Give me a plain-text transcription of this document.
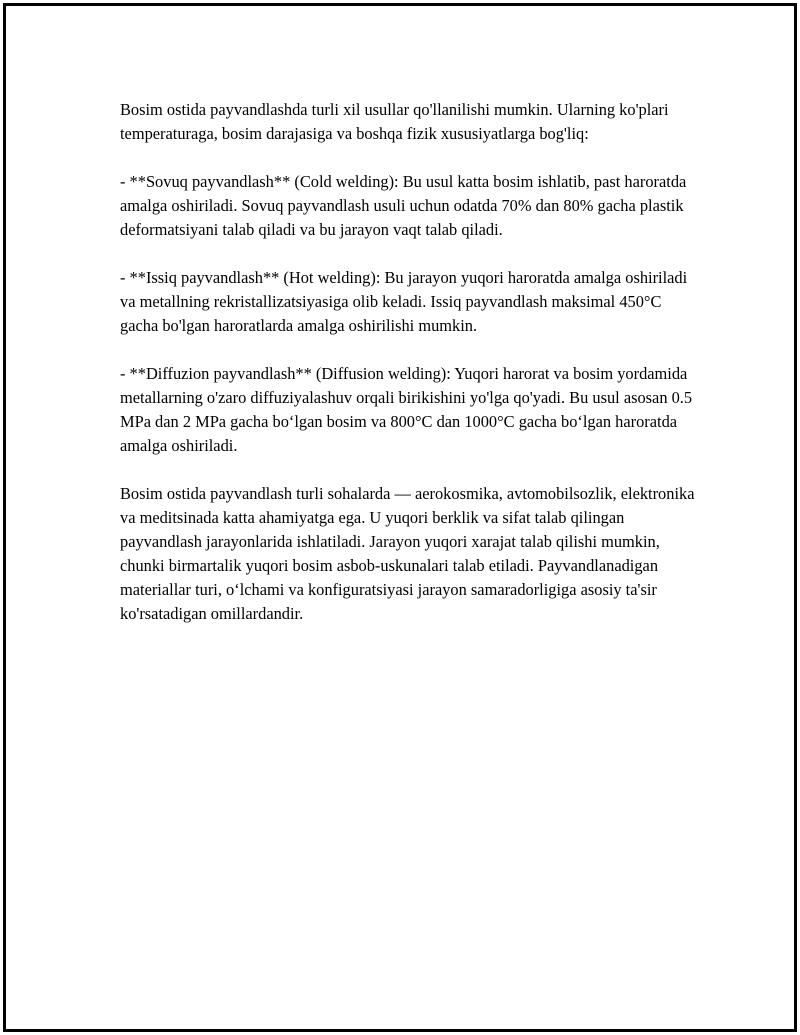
Bosim ostida payvandlashda turli xil usullar qo'llanilishi mumkin. Ularning ko'plari temperaturaga, bosim darajasiga va boshqa fizik xususiyatlarga bog'liq:

- **Sovuq payvandlash** (Cold welding): Bu usul katta bosim ishlatib, past haroratda amalga oshiriladi. Sovuq payvandlash usuli uchun odatda 70% dan 80% gacha plastik deformatsiyani talab qiladi va bu jarayon vaqt talab qiladi.

- **Issiq payvandlash** (Hot welding): Bu jarayon yuqori haroratda amalga oshiriladi va metallning rekristallizatsiyasiga olib keladi. Issiq payvandlash maksimal 450°C gacha bo'lgan haroratlarda amalga oshirilishi mumkin.

- **Diffuzion payvandlash** (Diffusion welding): Yuqori harorat va bosim yordamida metallarning o'zaro diffuziyalashuv orqali birikishini yo'lga qo'yadi. Bu usul asosan 0.5 MPa dan 2 MPa gacha bo‘lgan bosim va 800°C dan 1000°C gacha bo‘lgan haroratda amalga oshiriladi.

Bosim ostida payvandlash turli sohalarda — aerokosmika, avtomobilsozlik, elektronika va meditsinada katta ahamiyatga ega. U yuqori berklik va sifat talab qilingan payvandlash jarayonlarida ishlatiladi. Jarayon yuqori xarajat talab qilishi mumkin, chunki birmartalik yuqori bosim asbob-uskunalari talab etiladi. Payvandlanadigan materiallar turi, o‘lchami va konfiguratsiyasi jarayon samaradorligiga asosiy ta'sir ko'rsatadigan omillardandir.
